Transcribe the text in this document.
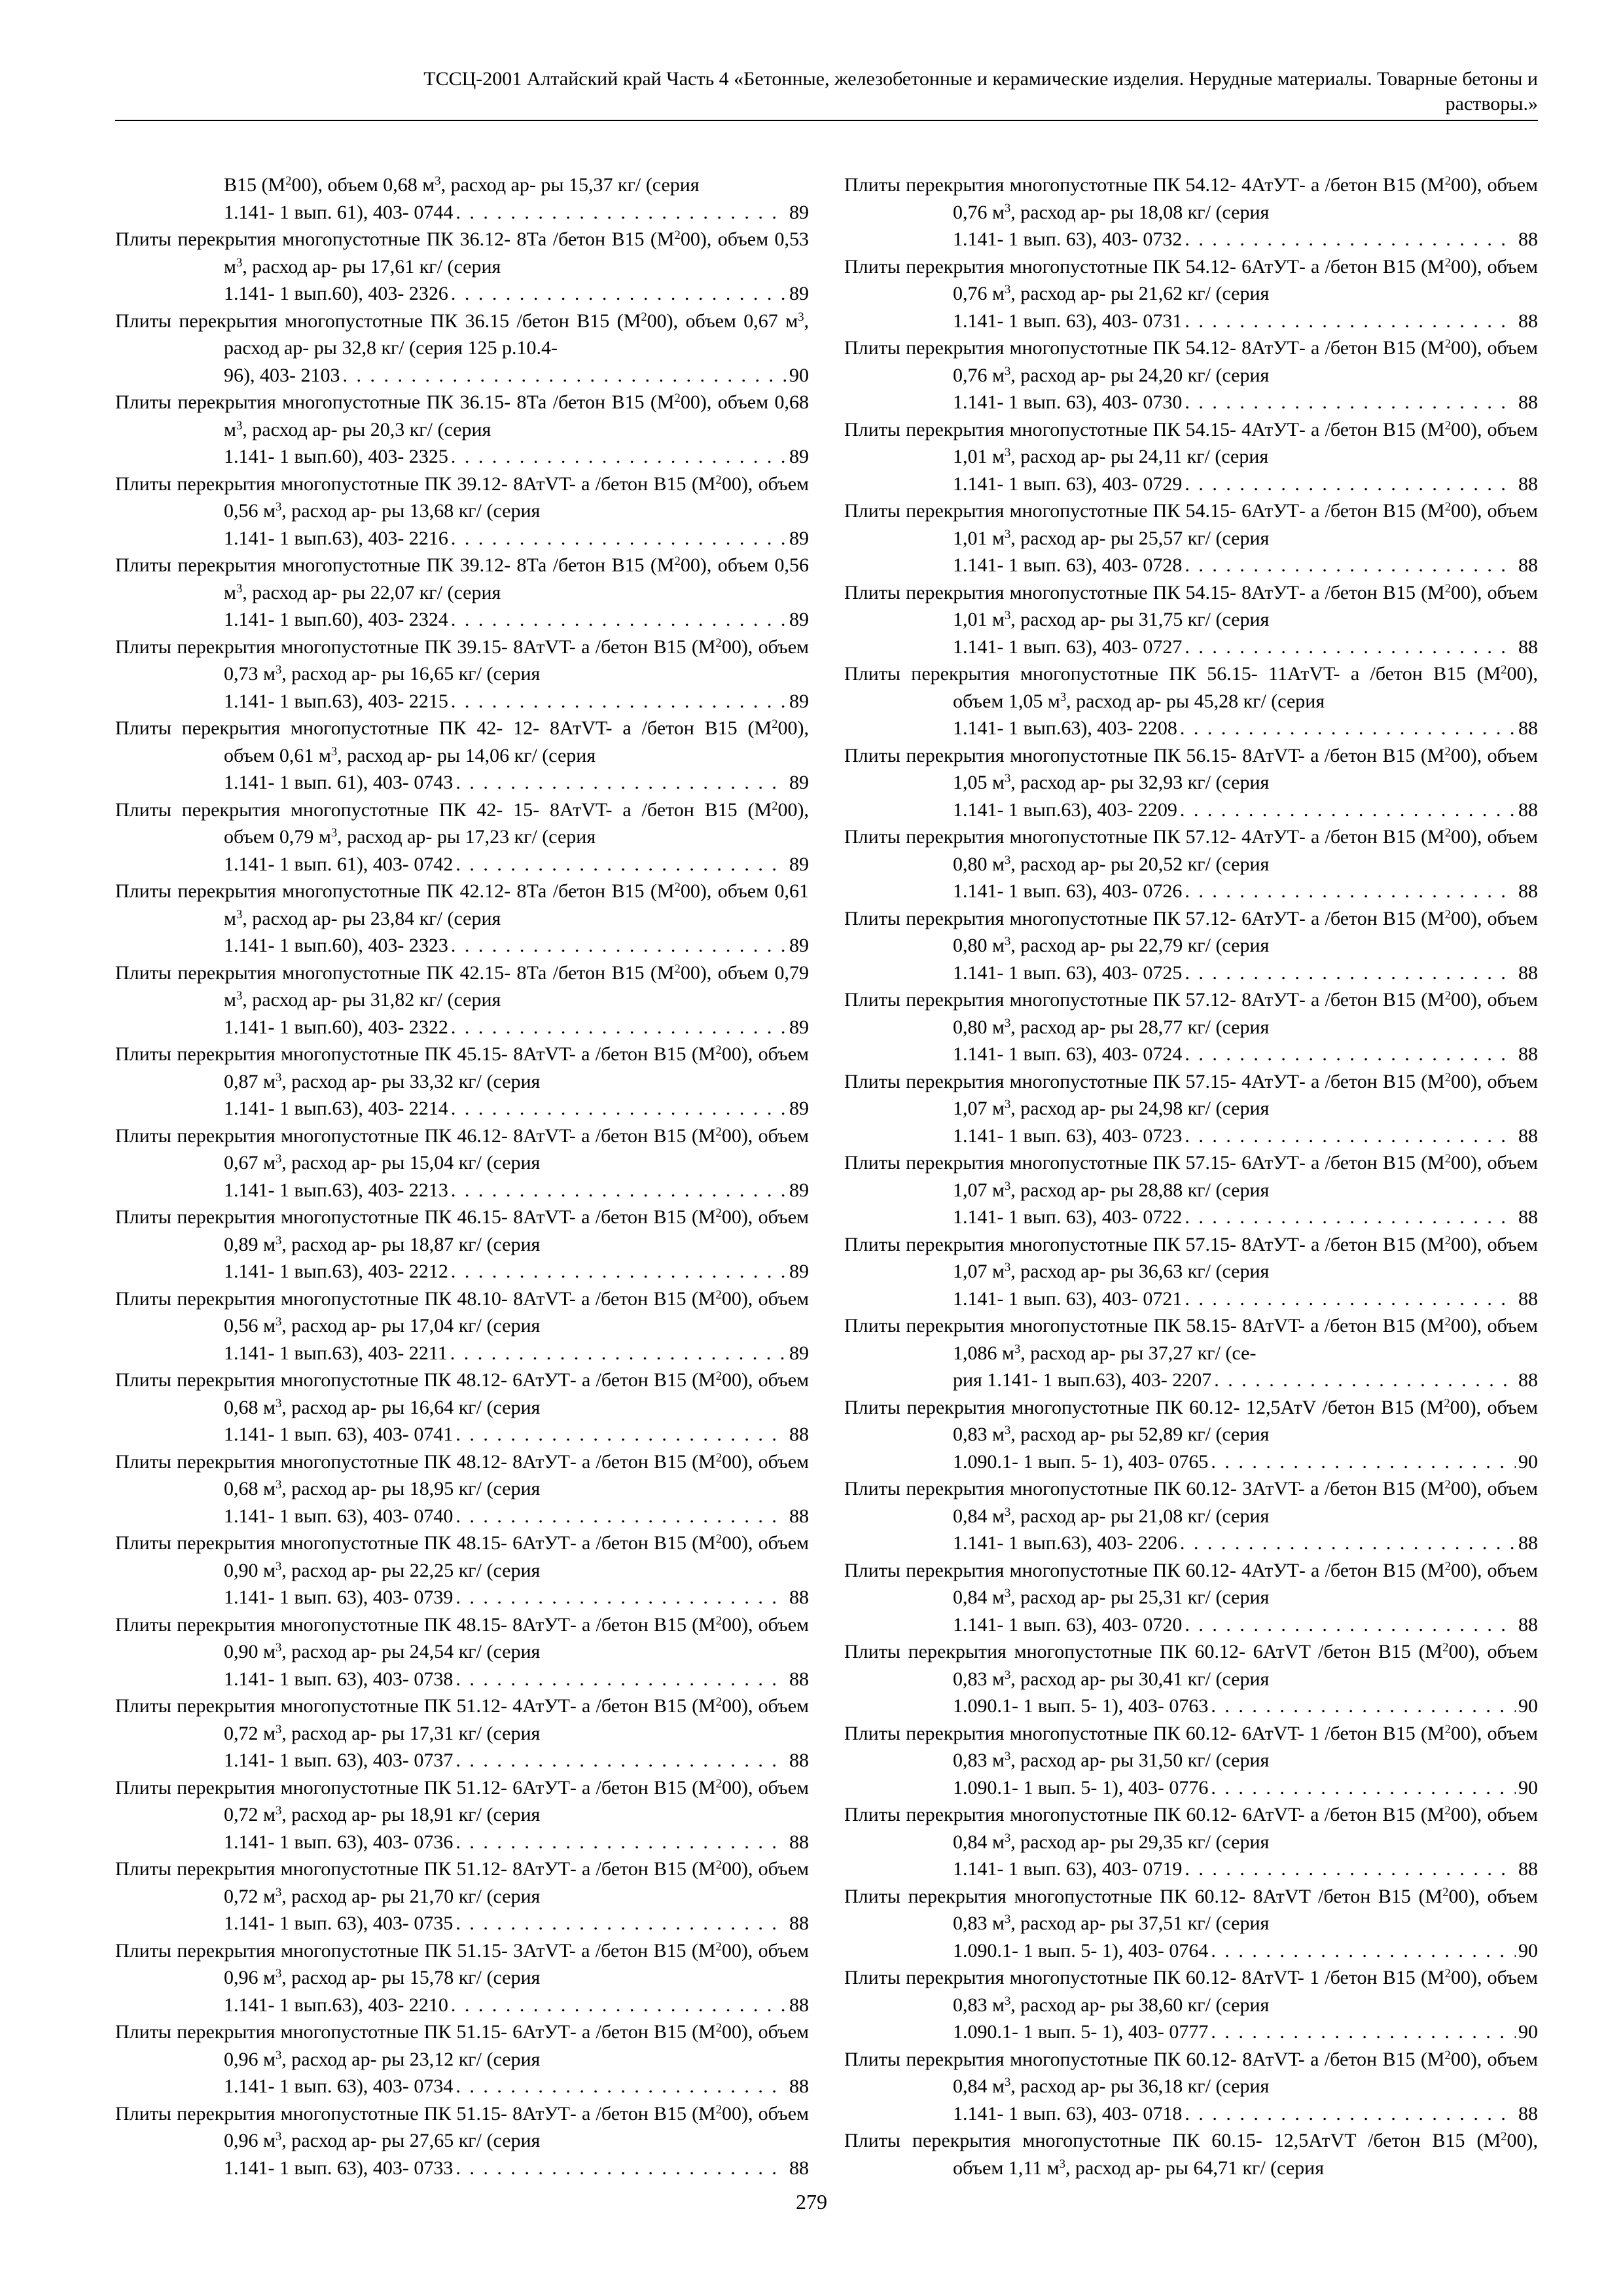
ТССЦ-2001 Алтайский край Часть 4 «Бетонные, железобетонные и керамические изделия. Нерудные материалы. Товарные бетоны и
растворы.»
В15 $(М^200)$, объем 0,68 $м^3$, расход ар- ры 15,37 кг/ (серия
1.141- 1 вып. 61), 403- 0744 . . .	89
Плиты перекрытия многопустотные ПК 36.12- 8Та /бетон В15 $(М^200)$, объем 0,53 $м^3$, расход ар- ры 17,61 кг/ (серия
1.141- 1 вып.60), 403- 2326 . . .	89
Плиты перекрытия многопустотные ПК 36.15 /бетон В15 $(М^200)$, объем 0,67 $м^3$, расход ар- ры 32,8 кг/ (серия 125 р.10.4-
96), 403- 2103 . . .	90
Плиты перекрытия многопустотные ПК 36.15- 8Та /бетон В15 $(М^200)$, объем 0,68 $м^3$, расход ар- ры 20,3 кг/ (серия
1.141- 1 вып.60), 403- 2325 . . .	89
Плиты перекрытия многопустотные ПК 39.12- 8АтVT- а /бетон В15 $(М^200)$, объем 0,56 $м^3$, расход ар- ры 13,68 кг/ (серия
1.141- 1 вып.63), 403- 2216 . . .	89
Плиты перекрытия многопустотные ПК 39.12- 8Та /бетон В15 $(М^200)$, объем 0,56 $м^3$, расход ар- ры 22,07 кг/ (серия
1.141- 1 вып.60), 403- 2324 . . .	89
Плиты перекрытия многопустотные ПК 39.15- 8АтVT- а /бетон В15 $(М^200)$, объем 0,73 $м^3$, расход ар- ры 16,65 кг/ (серия
1.141- 1 вып.63), 403- 2215 . . .	89
Плиты перекрытия многопустотные ПК 42- 12- 8АтVT- а /бетон В15 $(М^200)$, объем 0,61 $м^3$, расход ар- ры 14,06 кг/ (серия
1.141- 1 вып. 61), 403- 0743 . . .	89
Плиты перекрытия многопустотные ПК 42- 15- 8АтVT- а /бетон В15 $(М^200)$, объем 0,79 $м^3$, расход ар- ры 17,23 кг/ (серия
1.141- 1 вып. 61), 403- 0742 . . .	89
Плиты перекрытия многопустотные ПК 42.12- 8Та /бетон В15 $(М^200)$, объем 0,61 $м^3$, расход ар- ры 23,84 кг/ (серия
1.141- 1 вып.60), 403- 2323 . . .	89
Плиты перекрытия многопустотные ПК 42.15- 8Та /бетон В15 $(М^200)$, объем 0,79 $м^3$, расход ар- ры 31,82 кг/ (серия
1.141- 1 вып.60), 403- 2322 . . .	89
Плиты перекрытия многопустотные ПК 45.15- 8АтVT- а /бетон В15 $(М^200)$, объем 0,87 $м^3$, расход ар- ры 33,32 кг/ (серия
1.141- 1 вып.63), 403- 2214 . . .	89
Плиты перекрытия многопустотные ПК 46.12- 8АтVT- а /бетон В15 $(М^200)$, объем 0,67 $м^3$, расход ар- ры 15,04 кг/ (серия
1.141- 1 вып.63), 403- 2213 . . .	89
Плиты перекрытия многопустотные ПК 46.15- 8АтVT- а /бетон В15 $(М^200)$, объем 0,89 $м^3$, расход ар- ры 18,87 кг/ (серия
1.141- 1 вып.63), 403- 2212 . . .	89
Плиты перекрытия многопустотные ПК 48.10- 8АтVT- а /бетон В15 $(М^200)$, объем 0,56 $м^3$, расход ар- ры 17,04 кг/ (серия
1.141- 1 вып.63), 403- 2211 . . .	89
Плиты перекрытия многопустотные ПК 48.12- 6АтУТ- а /бетон В15 $(М^200)$, объем 0,68 $м^3$, расход ар- ры 16,64 кг/ (серия
1.141- 1 вып. 63), 403- 0741 . . .	88
Плиты перекрытия многопустотные ПК 48.12- 8АтУТ- а /бетон В15 $(М^200)$, объем 0,68 $м^3$, расход ар- ры 18,95 кг/ (серия
1.141- 1 вып. 63), 403- 0740 . . .	88
Плиты перекрытия многопустотные ПК 48.15- 6АтУТ- а /бетон В15 $(М^200)$, объем 0,90 $м^3$, расход ар- ры 22,25 кг/ (серия
1.141- 1 вып. 63), 403- 0739 . . .	88
Плиты перекрытия многопустотные ПК 48.15- 8АтУТ- а /бетон В15 $(М^200)$, объем 0,90 $м^3$, расход ар- ры 24,54 кг/ (серия
1.141- 1 вып. 63), 403- 0738 . . .	88
Плиты перекрытия многопустотные ПК 51.12- 4АтУТ- а /бетон В15 $(М^200)$, объем 0,72 $м^3$, расход ар- ры 17,31 кг/ (серия
1.141- 1 вып. 63), 403- 0737 . . .	88
Плиты перекрытия многопустотные ПК 51.12- 6АтУТ- а /бетон В15 $(М^200)$, объем 0,72 $м^3$, расход ар- ры 18,91 кг/ (серия
1.141- 1 вып. 63), 403- 0736 . . .	88
Плиты перекрытия многопустотные ПК 51.12- 8АтУТ- а /бетон В15 $(М^200)$, объем 0,72 $м^3$, расход ар- ры 21,70 кг/ (серия
1.141- 1 вып. 63), 403- 0735 . . .	88
Плиты перекрытия многопустотные ПК 51.15- 3АтVT- а /бетон В15 $(М^200)$, объем 0,96 $м^3$, расход ар- ры 15,78 кг/ (серия
1.141- 1 вып.63), 403- 2210 . . .	88
Плиты перекрытия многопустотные ПК 51.15- 6АтУТ- а /бетон В15 $(М^200)$, объем 0,96 $м^3$, расход ар- ры 23,12 кг/ (серия
1.141- 1 вып. 63), 403- 0734 . . .	88
Плиты перекрытия многопустотные ПК 51.15- 8АтУТ- а /бетон В15 $(М^200)$, объем 0,96 $м^3$, расход ар- ры 27,65 кг/ (серия
1.141- 1 вып. 63), 403- 0733 . . .	88
Плиты перекрытия многопустотные ПК 54.12- 4АтУТ- а /бетон В15 $(М^200)$, объем 0,76 $м^3$, расход ар- ры 18,08 кг/ (серия
1.141- 1 вып. 63), 403- 0732 . . .	88
Плиты перекрытия многопустотные ПК 54.12- 6АтУТ- а /бетон В15 $(М^200)$, объем 0,76 $м^3$, расход ар- ры 21,62 кг/ (серия
1.141- 1 вып. 63), 403- 0731 . . .	88
Плиты перекрытия многопустотные ПК 54.12- 8АтУТ- а /бетон В15 $(М^200)$, объем 0,76 $м^3$, расход ар- ры 24,20 кг/ (серия
1.141- 1 вып. 63), 403- 0730 . . .	88
Плиты перекрытия многопустотные ПК 54.15- 4АтУТ- а /бетон В15 $(М^200)$, объем 1,01 $м^3$, расход ар- ры 24,11 кг/ (серия
1.141- 1 вып. 63), 403- 0729 . . .	88
Плиты перекрытия многопустотные ПК 54.15- 6АтУТ- а /бетон В15 $(М^200)$, объем 1,01 $м^3$, расход ар- ры 25,57 кг/ (серия
1.141- 1 вып. 63), 403- 0728 . . .	88
Плиты перекрытия многопустотные ПК 54.15- 8АтУТ- а /бетон В15 $(М^200)$, объем 1,01 $м^3$, расход ар- ры 31,75 кг/ (серия
1.141- 1 вып. 63), 403- 0727 . . .	88
Плиты перекрытия многопустотные ПК 56.15- 11АтVT- а /бетон В15 $(М^200)$, объем 1,05 $м^3$, расход ар- ры 45,28 кг/ (серия
1.141- 1 вып.63), 403- 2208 . . .	88
Плиты перекрытия многопустотные ПК 56.15- 8АтVT- а /бетон В15 $(М^200)$, объем 1,05 $м^3$, расход ар- ры 32,93 кг/ (серия
1.141- 1 вып.63), 403- 2209 . . .	88
Плиты перекрытия многопустотные ПК 57.12- 4АтУТ- а /бетон В15 $(М^200)$, объем 0,80 $м^3$, расход ар- ры 20,52 кг/ (серия
1.141- 1 вып. 63), 403- 0726 . . .	88
Плиты перекрытия многопустотные ПК 57.12- 6АтУТ- а /бетон В15 $(М^200)$, объем 0,80 $м^3$, расход ар- ры 22,79 кг/ (серия
1.141- 1 вып. 63), 403- 0725 . . .	88
Плиты перекрытия многопустотные ПК 57.12- 8АтУТ- а /бетон В15 $(М^200)$, объем 0,80 $м^3$, расход ар- ры 28,77 кг/ (серия
1.141- 1 вып. 63), 403- 0724 . . .	88
Плиты перекрытия многопустотные ПК 57.15- 4АтУТ- а /бетон В15 $(М^200)$, объем 1,07 $м^3$, расход ар- ры 24,98 кг/ (серия
1.141- 1 вып. 63), 403- 0723 . . .	88
Плиты перекрытия многопустотные ПК 57.15- 6АтУТ- а /бетон В15 $(М^200)$, объем 1,07 $м^3$, расход ар- ры 28,88 кг/ (серия
1.141- 1 вып. 63), 403- 0722 . . .	88
Плиты перекрытия многопустотные ПК 57.15- 8АтУТ- а /бетон В15 $(М^200)$, объем 1,07 $м^3$, расход ар- ры 36,63 кг/ (серия
1.141- 1 вып. 63), 403- 0721 . . .	88
Плиты перекрытия многопустотные ПК 58.15- 8АтVT- а /бетон В15 $(М^200)$, объем 1,086 $м^3$, расход ар- ры 37,27 кг/ (се-
рия 1.141- 1 вып.63), 403- 2207 . . .	88
Плиты перекрытия многопустотные ПК 60.12- 12,5АтV /бетон В15 $(М^200)$, объем 0,83 $м^3$, расход ар- ры 52,89 кг/ (серия
1.090.1- 1 вып. 5- 1), 403- 0765 . . .	90
Плиты перекрытия многопустотные ПК 60.12- 3АтVT- а /бетон В15 $(М^200)$, объем 0,84 $м^3$, расход ар- ры 21,08 кг/ (серия
1.141- 1 вып.63), 403- 2206 . . .	88
Плиты перекрытия многопустотные ПК 60.12- 4АтУТ- а /бетон В15 $(М^200)$, объем 0,84 $м^3$, расход ар- ры 25,31 кг/ (серия
1.141- 1 вып. 63), 403- 0720 . . .	88
Плиты перекрытия многопустотные ПК 60.12- 6АтVT /бетон В15 $(М^200)$, объем 0,83 $м^3$, расход ар- ры 30,41 кг/ (серия
1.090.1- 1 вып. 5- 1), 403- 0763 . . .	90
Плиты перекрытия многопустотные ПК 60.12- 6АтVT- 1 /бетон В15 $(М^200)$, объем 0,83 $м^3$, расход ар- ры 31,50 кг/ (серия
1.090.1- 1 вып. 5- 1), 403- 0776 . . .	90
Плиты перекрытия многопустотные ПК 60.12- 6АтVT- а /бетон В15 $(М^200)$, объем 0,84 $м^3$, расход ар- ры 29,35 кг/ (серия
1.141- 1 вып. 63), 403- 0719 . . .	88
Плиты перекрытия многопустотные ПК 60.12- 8АтVT /бетон В15 $(М^200)$, объем 0,83 $м^3$, расход ар- ры 37,51 кг/ (серия
1.090.1- 1 вып. 5- 1), 403- 0764 . . .	90
Плиты перекрытия многопустотные ПК 60.12- 8АтVT- 1 /бетон В15 $(М^200)$, объем 0,83 $м^3$, расход ар- ры 38,60 кг/ (серия
1.090.1- 1 вып. 5- 1), 403- 0777 . . .	90
Плиты перекрытия многопустотные ПК 60.12- 8АтVT- а /бетон В15 $(М^200)$, объем 0,84 $м^3$, расход ар- ры 36,18 кг/ (серия
1.141- 1 вып. 63), 403- 0718 . . .	88
Плиты перекрытия многопустотные ПК 60.15- 12,5АтVT /бетон В15 $(М^200)$, объем 1,11 $м^3$, расход ар- ры 64,71 кг/ (серия
279
